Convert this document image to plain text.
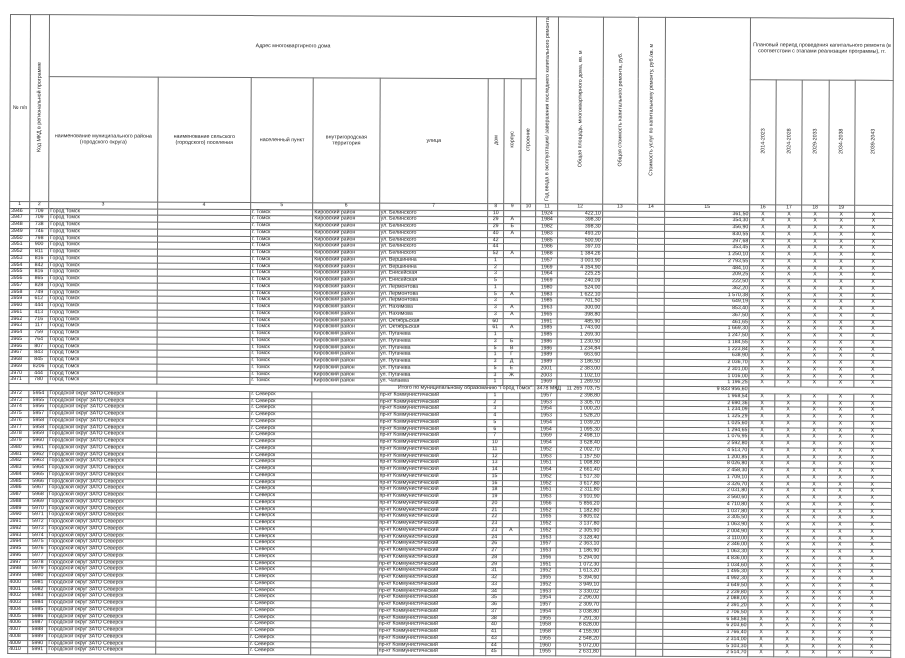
№ п/п	Код МКД в региональной программе	Адрес многоквартирного дома								Год ввода в эксплуатацию/ завершения последнего капитального ремонта	Общая площадь, многоквартирного дома, кв. м	Общая стоимость капитального ремонта, руб.	Стоимость услуг по капитальному ремонту, руб./кв. м		Плановый период проведения капитального ремонта (в соответствии с этапами реализации программы), гг.				
		наименование муниципального района (городского округа)	наименование сельского (городского) поселения	населенный пункт	внутригородская территория	улица	дом	корпус	строение						2014-2023	2024-2028	2029-2033	2034-2038	2039-2043
1	2	3	4	5	6	7	8	9	10	11	12	13	14	15	16	17	18	19	
3946	709	Город Томск		г. Томск	Кировский район	ул. Белинского	10			1924	422,10			361,50	Х	Х	Х	Х	Х
3947	709	Город Томск		г. Томск	Кировский район	ул. Белинского	29	А		1984	398,30			354,30	Х	Х	Х	Х	Х
3948	738	Город Томск		г. Томск	Кировский район	ул. Белинского	29	Б		1982	398,30			356,90	Х	Х	Х	Х	Х
3949	746	Город Томск		г. Томск	Кировский район	ул. Белинского	40	А		1983	493,20			830,55	Х	Х	Х	Х	Х
3950	798	Город Томск		г. Томск	Кировский район	ул. Белинского	42			1985	500,90			297,68	Х	Х	Х	Х	Х
3951	900	Город Томск		г. Томск	Кировский район	ул. Белинского	44			1986	397,03			353,45	Х	Х	Х	Х	Х
3952	811	Город Томск		г. Томск	Кировский район	ул. Белинского	52	А		1988	1 384,26			1 250,10	Х	Х	Х	Х	Х
3953	816	Город Томск		г. Томск	Кировский район	ул. Вершинина	1			1957	3 003,90			2 793,55	Х	Х	Х	Х	Х
3954	842	Город Томск		г. Томск	Кировский район	ул. Вершинина	2			1969	4 354,90			484,10	Х	Х	Х	Х	Х
3955	816	Город Томск		г. Томск	Кировский район	ул. Енисейская	3			1964	225,25			209,25	Х	Х	Х	Х	Х
3956	865	Город Томск		г. Томск	Кировский район	ул. Енисейская	5			1969	240,09			222,50	Х	Х	Х	Х	Х
3957	828	Город Томск		г. Томск	Кировский район	ул. Лермонтова	1			1980	524,00			362,20	Х	Х	Х	Х	Х
3958	749	Город Томск		г. Томск	Кировский район	ул. Лермонтова	5	А		1983	1 622,10			1 570,38	Х	Х	Х	Х	Х
3959	612	Город Томск		г. Томск	Кировский район	ул. Лермонтова	3			1985	701,50			649,19	Х	Х	Х	Х	Х
3960	444	Город Томск		г. Томск	Кировский район	ул. Нахимова	3	А		1963	300,00			853,40	Х	Х	Х	Х	Х
3961	413	Город Томск		г. Томск	Кировский район	ул. Нахимова	3	А		1965	398,80			367,50	Х	Х	Х	Х	Х
3962	716	Город Томск		г. Томск	Кировский район	ул. Октябрьская	60			1991	485,90			461,65	Х	Х	Х	Х	Х
3963	117	Город Томск		г. Томск	Кировский район	ул. Октябрьская	61	А		1985	1 743,00			1 669,30	Х	Х	Х	Х	Х
3964	759	Город Томск		г. Томск	Кировский район	ул. Пугачева	1			1985	1 269,30			1 247,50	Х	Х	Х	Х	Х
3965	764	Город Томск		г. Томск	Кировский район	ул. Пугачева	3	Б		1986	1 230,50			1 184,55	Х	Х	Х	Х	Х
3966	807	Город Томск		г. Томск	Кировский район	ул. Пугачева	5	В		1986	1 234,84			1 223,84	Х	Х	Х	Х	Х
3967	843	Город Томск		г. Томск	Кировский район	ул. Пугачева	1	Г		1989	663,60			638,90	Х	Х	Х	Х	Х
3968	845	Город Томск		г. Томск	Кировский район	ул. Пугачева	3	Д		1989	3 186,50			2 036,70	Х	Х	Х	Х	Х
3969	8206	Город Томск		г. Томск	Кировский район	ул. Пугачева	5	Е		2001	2 383,00			2 301,00	Х	Х	Х	Х	Х
3970	444	Город Томск		г. Томск	Кировский район	ул. Пугачева	3	Ж		2003	1 102,10			1 016,00	Х	Х	Х	Х	Х
3971	780	Город Томск		г. Томск	Кировский район	ул. Чапаева	1			1969	1 289,50			1 196,25	Х	Х	Х	Х	Х
						Итого по муниципальному образованию "Город Томск":				3478 МКД	11 265 703,75			9 833 956,60					
3972	5954	Городской округ ЗАТО Северск		г. Северск		пр-кт Коммунистический	1			1957	2 398,80			1 968,54	Х	Х	Х	Х	Х
3973	5955	Городской округ ЗАТО Северск		г. Северск		пр-кт Коммунистический	2			1953	3 305,70			2 690,36	Х	Х	Х	Х	Х
3974	5956	Городской округ ЗАТО Северск		г. Северск		пр-кт Коммунистический	3			1954	1 000,20			1 234,09	Х	Х	Х	Х	Х
3975	5957	Городской округ ЗАТО Северск		г. Северск		пр-кт Коммунистический	4			1953	1 528,20			1 325,29	Х	Х	Х	Х	Х
3976	5958	Городской округ ЗАТО Северск		г. Северск		пр-кт Коммунистический	5			1954	1 039,20			1 025,60	Х	Х	Х	Х	Х
3977	5958	Городской округ ЗАТО Северск		г. Северск		пр-кт Коммунистический	6			1954	1 095,30			1 294,65	Х	Х	Х	Х	Х
3978	5959	Городской округ ЗАТО Северск		г. Северск		пр-кт Коммунистический	7			1959	2 498,10			1 076,95	Х	Х	Х	Х	Х
3979	5960	Городской округ ЗАТО Северск		г. Северск		пр-кт Коммунистический	10			1954	3 628,40			2 592,80	Х	Х	Х	Х	Х
3980	5961	Городской округ ЗАТО Северск		г. Северск		пр-кт Коммунистический	11			1952	2 002,70			4 513,70	Х	Х	Х	Х	Х
3981	5962	Городской округ ЗАТО Северск		г. Северск		пр-кт Коммунистический	12			1953	1 157,50			1 200,85	Х	Х	Х	Х	Х
3982	5963	Городской округ ЗАТО Северск		г. Северск		пр-кт Коммунистический	13			1951	1 008,80			8 026,80	Х	Х	Х	Х	Х
3983	5964	Городской округ ЗАТО Северск		г. Северск		пр-кт Коммунистический	14			1954	2 661,40			2 458,30	Х	Х	Х	Х	Х
3984	5965	Городской округ ЗАТО Северск		г. Северск		пр-кт Коммунистический	15			1952	1 517,30			1 709,10	Х	Х	Х	Х	Х
3985	5966	Городской округ ЗАТО Северск		г. Северск		пр-кт Коммунистический	16			1952	3 617,80			3 326,70	Х	Х	Х	Х	Х
3986	5967	Городской округ ЗАТО Северск		г. Северск		пр-кт Коммунистический	18			1951	2 311,80			2 031,80	Х	Х	Х	Х	Х
3987	5968	Городской округ ЗАТО Северск		г. Северск		пр-кт Коммунистический	19			1953	3 910,90			3 560,60	Х	Х	Х	Х	Х
3988	5969	Городской округ ЗАТО Северск		г. Северск		пр-кт Коммунистический	20			1956	5 856,20			4 710,80	Х	Х	Х	Х	Х
3989	5970	Городской округ ЗАТО Северск		г. Северск		пр-кт Коммунистический	21			1952	1 182,80			1 037,80	Х	Х	Х	Х	Х
3990	5971	Городской округ ЗАТО Северск		г. Северск		пр-кт Коммунистический	22			1955	3 805,02			3 305,50	Х	Х	Х	Х	Х
3991	5972	Городской округ ЗАТО Северск		г. Северск		пр-кт Коммунистический	23			1952	3 137,80			1 063,90	Х	Х	Х	Х	Х
3992	5973	Городской округ ЗАТО Северск		г. Северск		пр-кт Коммунистический	23	А		1952	2 305,90			2 004,90	Х	Х	Х	Х	Х
3993	5974	Городской округ ЗАТО Северск		г. Северск		пр-кт Коммунистический	24			1953	3 328,40			3 110,00	Х	Х	Х	Х	Х
3994	5975	Городской округ ЗАТО Северск		г. Северск		пр-кт Коммунистический	26			1957	2 363,10			2 346,00	Х	Х	Х	Х	Х
3995	5976	Городской округ ЗАТО Северск		г. Северск		пр-кт Коммунистический	27			1953	1 186,90			1 063,30	Х	Х	Х	Х	Х
3996	5977	Городской округ ЗАТО Северск		г. Северск		пр-кт Коммунистический	28			1956	5 294,00			4 836,00	Х	Х	Х	Х	Х
3997	5978	Городской округ ЗАТО Северск		г. Северск		пр-кт Коммунистический	29			1951	1 072,30			1 034,60	Х	Х	Х	Х	Х
3998	5979	Городской округ ЗАТО Северск		г. Северск		пр-кт Коммунистический	31			1952	1 613,20			1 495,30	Х	Х	Х	Х	Х
3999	5980	Городской округ ЗАТО Северск		г. Северск		пр-кт Коммунистический	32			1955	5 394,60			4 992,30	Х	Х	Х	Х	Х
4000	5981	Городской округ ЗАТО Северск		г. Северск		пр-кт Коммунистический	33			1952	3 949,10			3 649,50	Х	Х	Х	Х	Х
4001	5982	Городской округ ЗАТО Северск		г. Северск		пр-кт Коммунистический	34			1953	3 330,02			2 239,80	Х	Х	Х	Х	Х
4002	5983	Городской округ ЗАТО Северск		г. Северск		пр-кт Коммунистический	35			1954	2 296,00			2 088,00	Х	Х	Х	Х	Х
4003	5984	Городской округ ЗАТО Северск		г. Северск		пр-кт Коммунистический	36			1957	2 309,70			2 391,20	Х	Х	Х	Х	Х
4004	5985	Городской округ ЗАТО Северск		г. Северск		пр-кт Коммунистический	37			1954	3 038,80			2 706,50	Х	Х	Х	Х	Х
4005	5986	Городской округ ЗАТО Северск		г. Северск		пр-кт Коммунистический	38			1955	7 291,30			6 583,56	Х	Х	Х	Х	Х
4006	5987	Городской округ ЗАТО Северск		г. Северск		пр-кт Коммунистический	40			1958	8 828,00			6 203,60	Х	Х	Х	Х	Х
4007	5988	Городской округ ЗАТО Северск		г. Северск		пр-кт Коммунистический	41			1958	4 155,90			3 766,40	Х	Х	Х	Х	Х
4008	5989	Городской округ ЗАТО Северск		г. Северск		пр-кт Коммунистический	43			1955	2 548,20			2 314,00	Х	Х	Х	Х	Х
4009	5990	Городской округ ЗАТО Северск		г. Северск		пр-кт Коммунистический	44			1960	5 072,00			5 103,30	Х	Х	Х	Х	Х
4010	5991	Городской округ ЗАТО Северск		г. Северск		пр-кт Коммунистический	45			1955	2 631,80			2 514,70	Х	Х	Х	Х	Х
